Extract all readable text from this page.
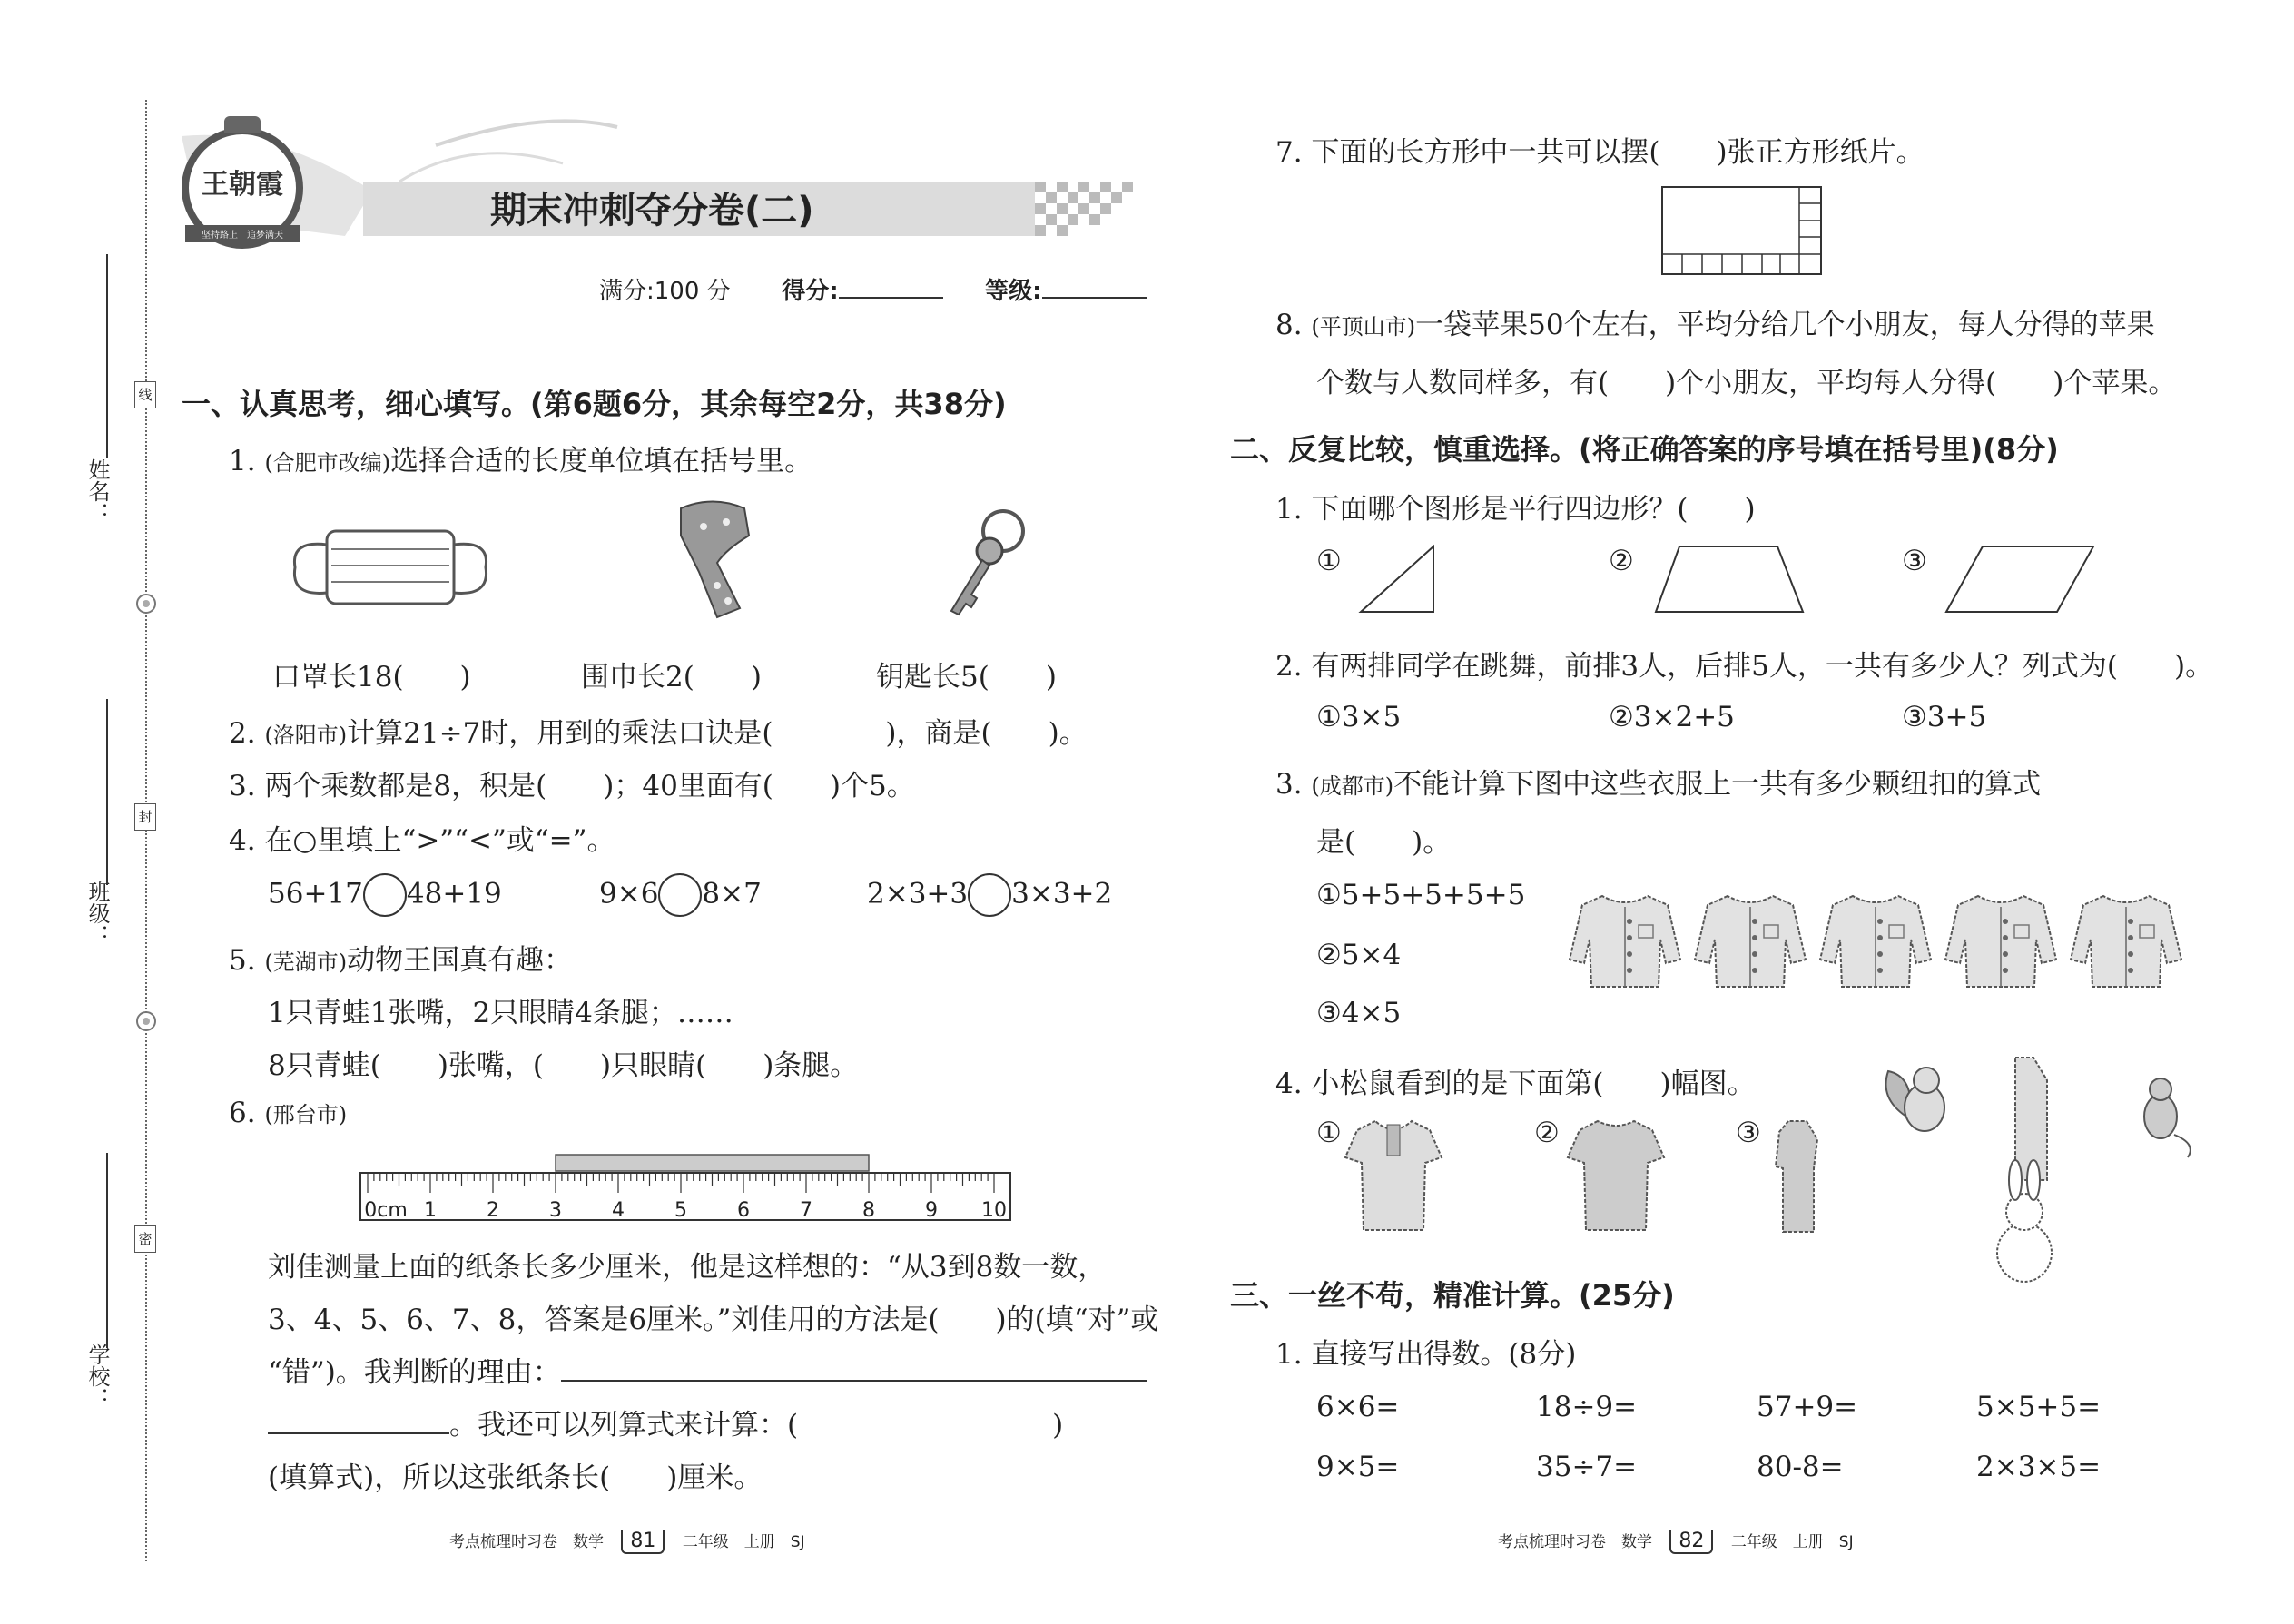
姓名：
班级：
学校：
线
封
密
王朝霞
坚持路上　追梦满天
期末冲刺夺分卷(二)
满分:100 分 得分:	等级:
一、认真思考，细心填写。(第6题6分，其余每空2分，共38分)
1. (合肥市改编)选择合适的长度单位填在括号里。
口罩长18(　　)	围巾长2(　　)	钥匙长5(　　)
2. (洛阳市)计算21÷7时，用到的乘法口诀是(　　　　)，商是(　　)。
3. 两个乘数都是8，积是(　　)；40里面有(　　)个5。
4. 在○里填上“>”“<”或“=”。
56+17 48+19	9×6 8×7	2×3+3 3×3+2
5. (芜湖市)动物王国真有趣：
1只青蛙1张嘴，2只眼睛4条腿；……
8只青蛙(　　)张嘴，(　　)只眼睛(　　)条腿。
6. (邢台市)
0cm 1	2	3	4	5	6	7	8	9 10
刘佳测量上面的纸条长多少厘米，他是这样想的：“从3到8数一数，
3、4、5、6、7、8，答案是6厘米。”刘佳用的方法是(　　)的(填“对”或
“错”)。我判断的理由：
。我还可以列算式来计算：(	)
(填算式)，所以这张纸条长(　　)厘米。
考点梳理时习卷　数学 81 二年级　上册　SJ
7. 下面的长方形中一共可以摆(　　)张正方形纸片。
8. (平顶山市)一袋苹果50个左右，平均分给几个小朋友，每人分得的苹果
个数与人数同样多，有(　　)个小朋友，平均每人分得(　　)个苹果。
二、反复比较，慎重选择。(将正确答案的序号填在括号里)(8分)
1. 下面哪个图形是平行四边形？(　　)
①	②	③
2. 有两排同学在跳舞，前排3人，后排5人，一共有多少人？列式为(　　)。
①3×5	②3×2+5	③3+5
3. (成都市)不能计算下图中这些衣服上一共有多少颗纽扣的算式
是(　　)。
①5+5+5+5+5
②5×4
③4×5
4. 小松鼠看到的是下面第(　　)幅图。
①	②	③
三、一丝不苟，精准计算。(25分)
1. 直接写出得数。(8分)
6×6=	18÷9=	57+9=	5×5+5=
9×5=	35÷7=	80-8=	2×3×5=
考点梳理时习卷　数学 82 二年级　上册　SJ
